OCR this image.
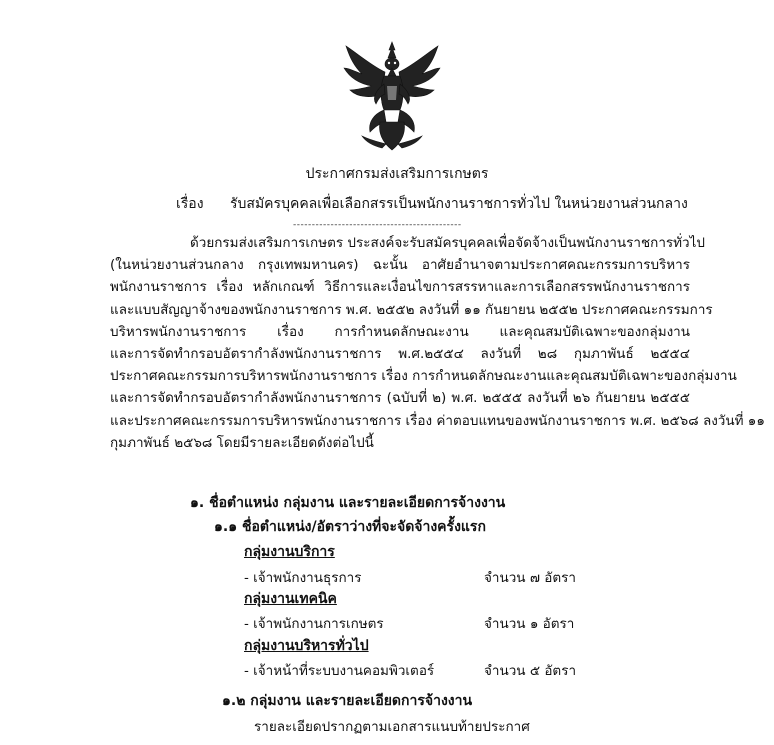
ประกาศกรมส่งเสริมการเกษตร
เรื่อง รับสมัครบุคคลเพื่อเลือกสรรเป็นพนักงานราชการทั่วไป ในหน่วยงานส่วนกลาง
---------------------------------------------
ด้วยกรมส่งเสริมการเกษตร ประสงค์จะรับสมัครบุคคลเพื่อจัดจ้างเป็นพนักงานราชการทั่วไป
(ในหน่วยงานส่วนกลาง กรุงเทพมหานคร) ฉะนั้น อาศัยอำนาจตามประกาศคณะกรรมการบริหาร
พนักงานราชการ เรื่อง หลักเกณฑ์ วิธีการและเงื่อนไขการสรรหาและการเลือกสรรพนักงานราชการ
และแบบสัญญาจ้างของพนักงานราชการ พ.ศ. ๒๕๕๒ ลงวันที่ ๑๑ กันยายน ๒๕๕๒ ประกาศคณะกรรมการ
บริหารพนักงานราชการ เรื่อง การกำหนดลักษณะงาน และคุณสมบัติเฉพาะของกลุ่มงาน
และการจัดทำกรอบอัตรากำลังพนักงานราชการ พ.ศ.๒๕๕๔ ลงวันที่ ๒๘ กุมภาพันธ์ ๒๕๕๔
ประกาศคณะกรรมการบริหารพนักงานราชการ เรื่อง การกำหนดลักษณะงานและคุณสมบัติเฉพาะของกลุ่มงาน
และการจัดทำกรอบอัตรากำลังพนักงานราชการ (ฉบับที่ ๒) พ.ศ. ๒๕๕๕ ลงวันที่ ๒๖ กันยายน ๒๕๕๕
และประกาศคณะกรรมการบริหารพนักงานราชการ เรื่อง ค่าตอบแทนของพนักงานราชการ พ.ศ. ๒๕๖๘ ลงวันที่ ๑๑
กุมภาพันธ์ ๒๕๖๘ โดยมีรายละเอียดดังต่อไปนี้
๑. ชื่อตำแหน่ง กลุ่มงาน และรายละเอียดการจ้างงาน
๑.๑ ชื่อตำแหน่ง/อัตราว่างที่จะจัดจ้างครั้งแรก
กลุ่มงานบริการ
- เจ้าพนักงานธุรการ	จำนวน ๗ อัตรา
กลุ่มงานเทคนิค
- เจ้าพนักงานการเกษตร	จำนวน ๑ อัตรา
กลุ่มงานบริหารทั่วไป
- เจ้าหน้าที่ระบบงานคอมพิวเตอร์	จำนวน ๕ อัตรา
๑.๒ กลุ่มงาน และรายละเอียดการจ้างงาน
รายละเอียดปรากฏตามเอกสารแนบท้ายประกาศ
